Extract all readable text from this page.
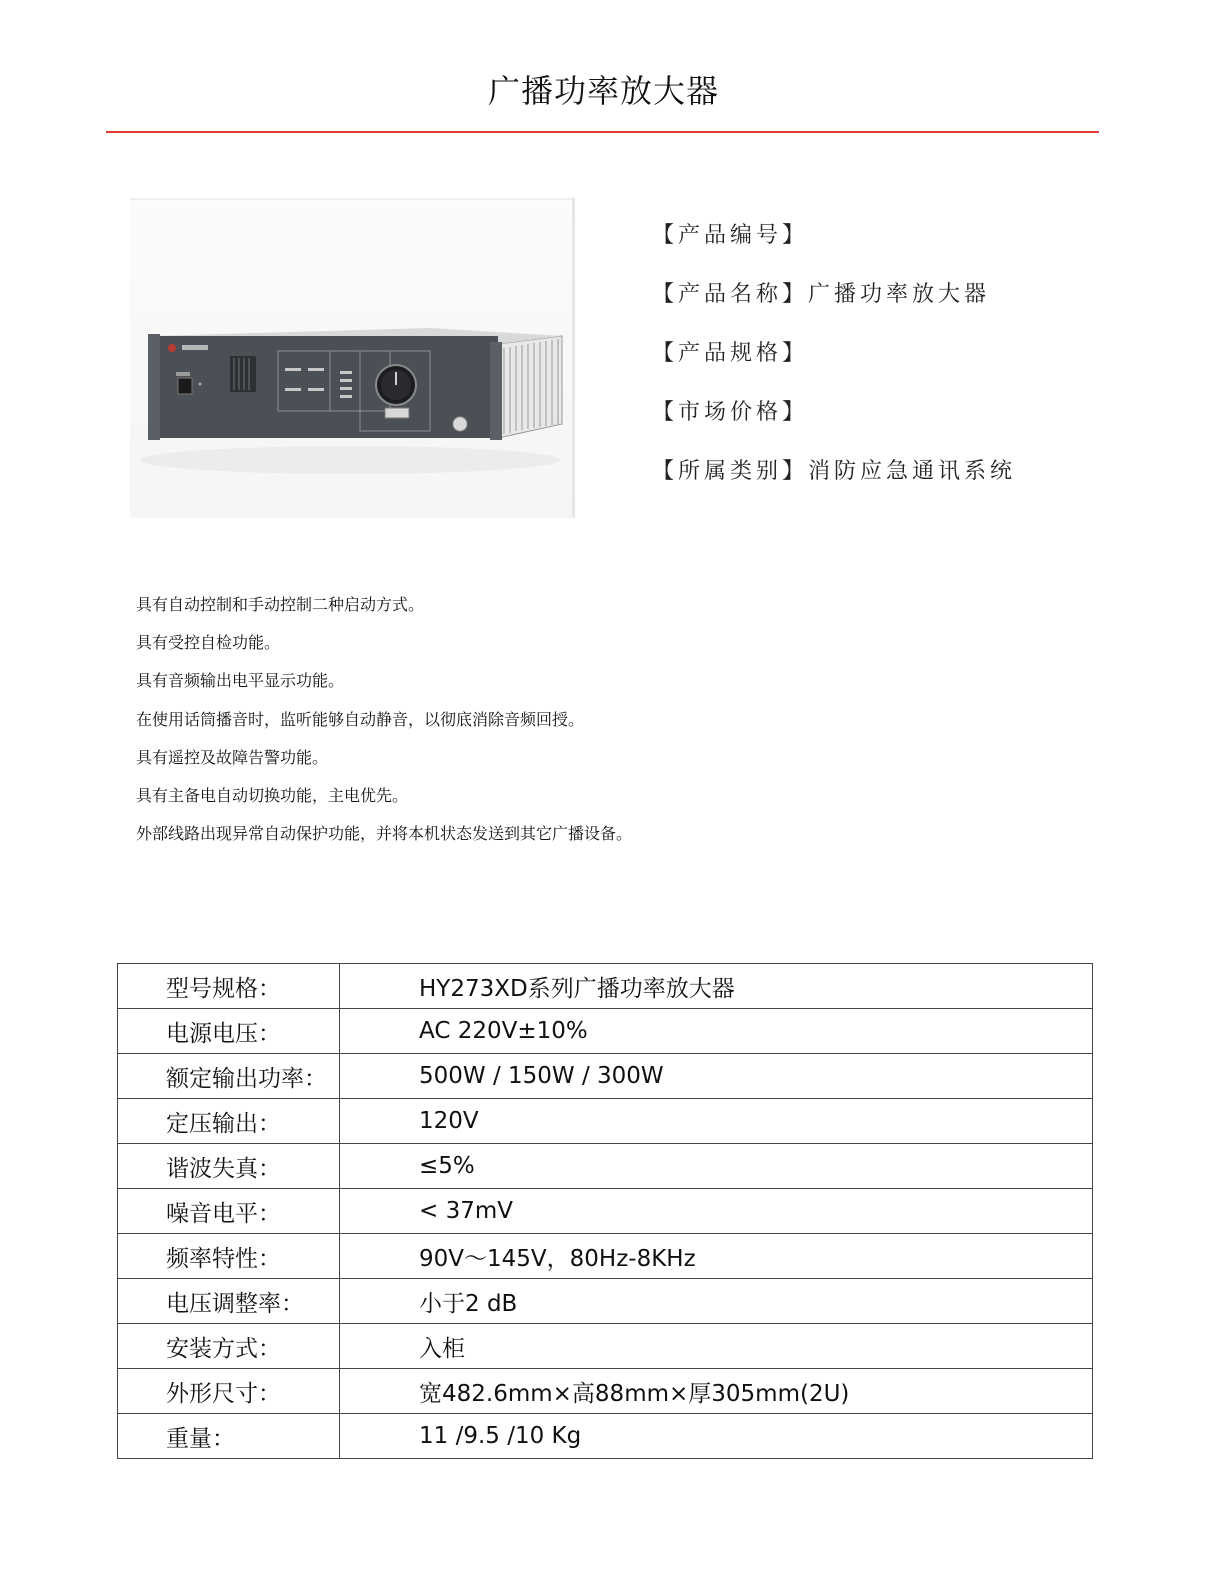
广播功率放大器
【产品编号】
【产品名称】广播功率放大器
【产品规格】
【市场价格】
【所属类别】消防应急通讯系统
具有自动控制和手动控制二种启动方式。
具有受控自检功能。
具有音频输出电平显示功能。
在使用话筒播音时，监听能够自动静音，以彻底消除音频回授。
具有遥控及故障告警功能。
具有主备电自动切换功能，主电优先。
外部线路出现异常自动保护功能，并将本机状态发送到其它广播设备。
型号规格：	HY273XD系列广播功率放大器
电源电压：	AC 220V±10%
额定输出功率：	500W / 150W / 300W
定压输出：	120V
谐波失真：	≤5%
噪音电平：	< 37mV
频率特性：	90V～145V，80Hz-8KHz
电压调整率：	小于2 dB
安装方式：	入柜
外形尺寸：	宽482.6mm×高88mm×厚305mm(2U)
重量：	11 /9.5 /10 Kg
